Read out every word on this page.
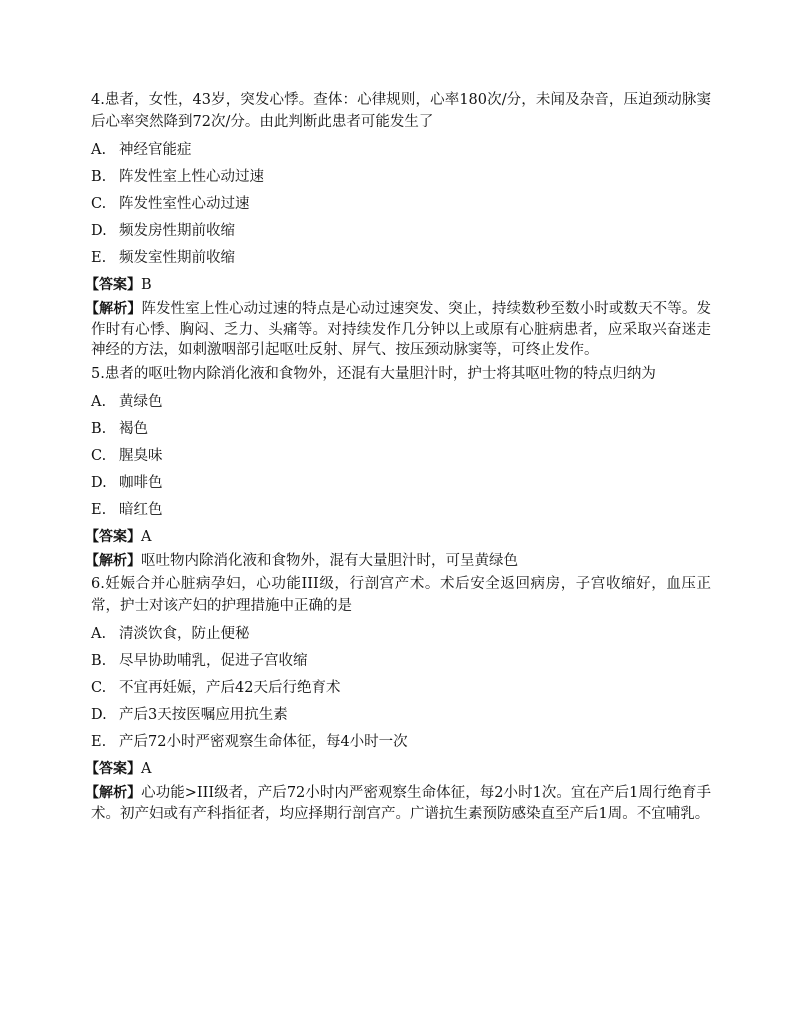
4.患者，女性，43岁，突发心悸。查体：心律规则，心率180次/分，未闻及杂音，压迫颈动脉窦后心率突然降到72次/分。由此判断此患者可能发生了

A. 神经官能症

B. 阵发性室上性心动过速

C. 阵发性室性心动过速

D. 频发房性期前收缩

E. 频发室性期前收缩

【答案】B

【解析】阵发性室上性心动过速的特点是心动过速突发、突止，持续数秒至数小时或数天不等。发作时有心悸、胸闷、乏力、头痛等。对持续发作几分钟以上或原有心脏病患者，应采取兴奋迷走神经的方法，如刺激咽部引起呕吐反射、屏气、按压颈动脉窦等，可终止发作。

5.患者的呕吐物内除消化液和食物外，还混有大量胆汁时，护士将其呕吐物的特点归纳为

A. 黄绿色

B. 褐色

C. 腥臭味

D. 咖啡色

E. 暗红色

【答案】A

【解析】呕吐物内除消化液和食物外，混有大量胆汁时，可呈黄绿色

6.妊娠合并心脏病孕妇，心功能III级，行剖宫产术。术后安全返回病房，子宫收缩好，血压正常，护士对该产妇的护理措施中正确的是

A. 清淡饮食，防止便秘

B. 尽早协助哺乳，促进子宫收缩

C. 不宜再妊娠，产后42天后行绝育术

D. 产后3天按医嘱应用抗生素

E. 产后72小时严密观察生命体征，每4小时一次

【答案】A

【解析】心功能>III级者，产后72小时内严密观察生命体征，每2小时1次。宜在产后1周行绝育手术。初产妇或有产科指征者，均应择期行剖宫产。广谱抗生素预防感染直至产后1周。不宜哺乳。
